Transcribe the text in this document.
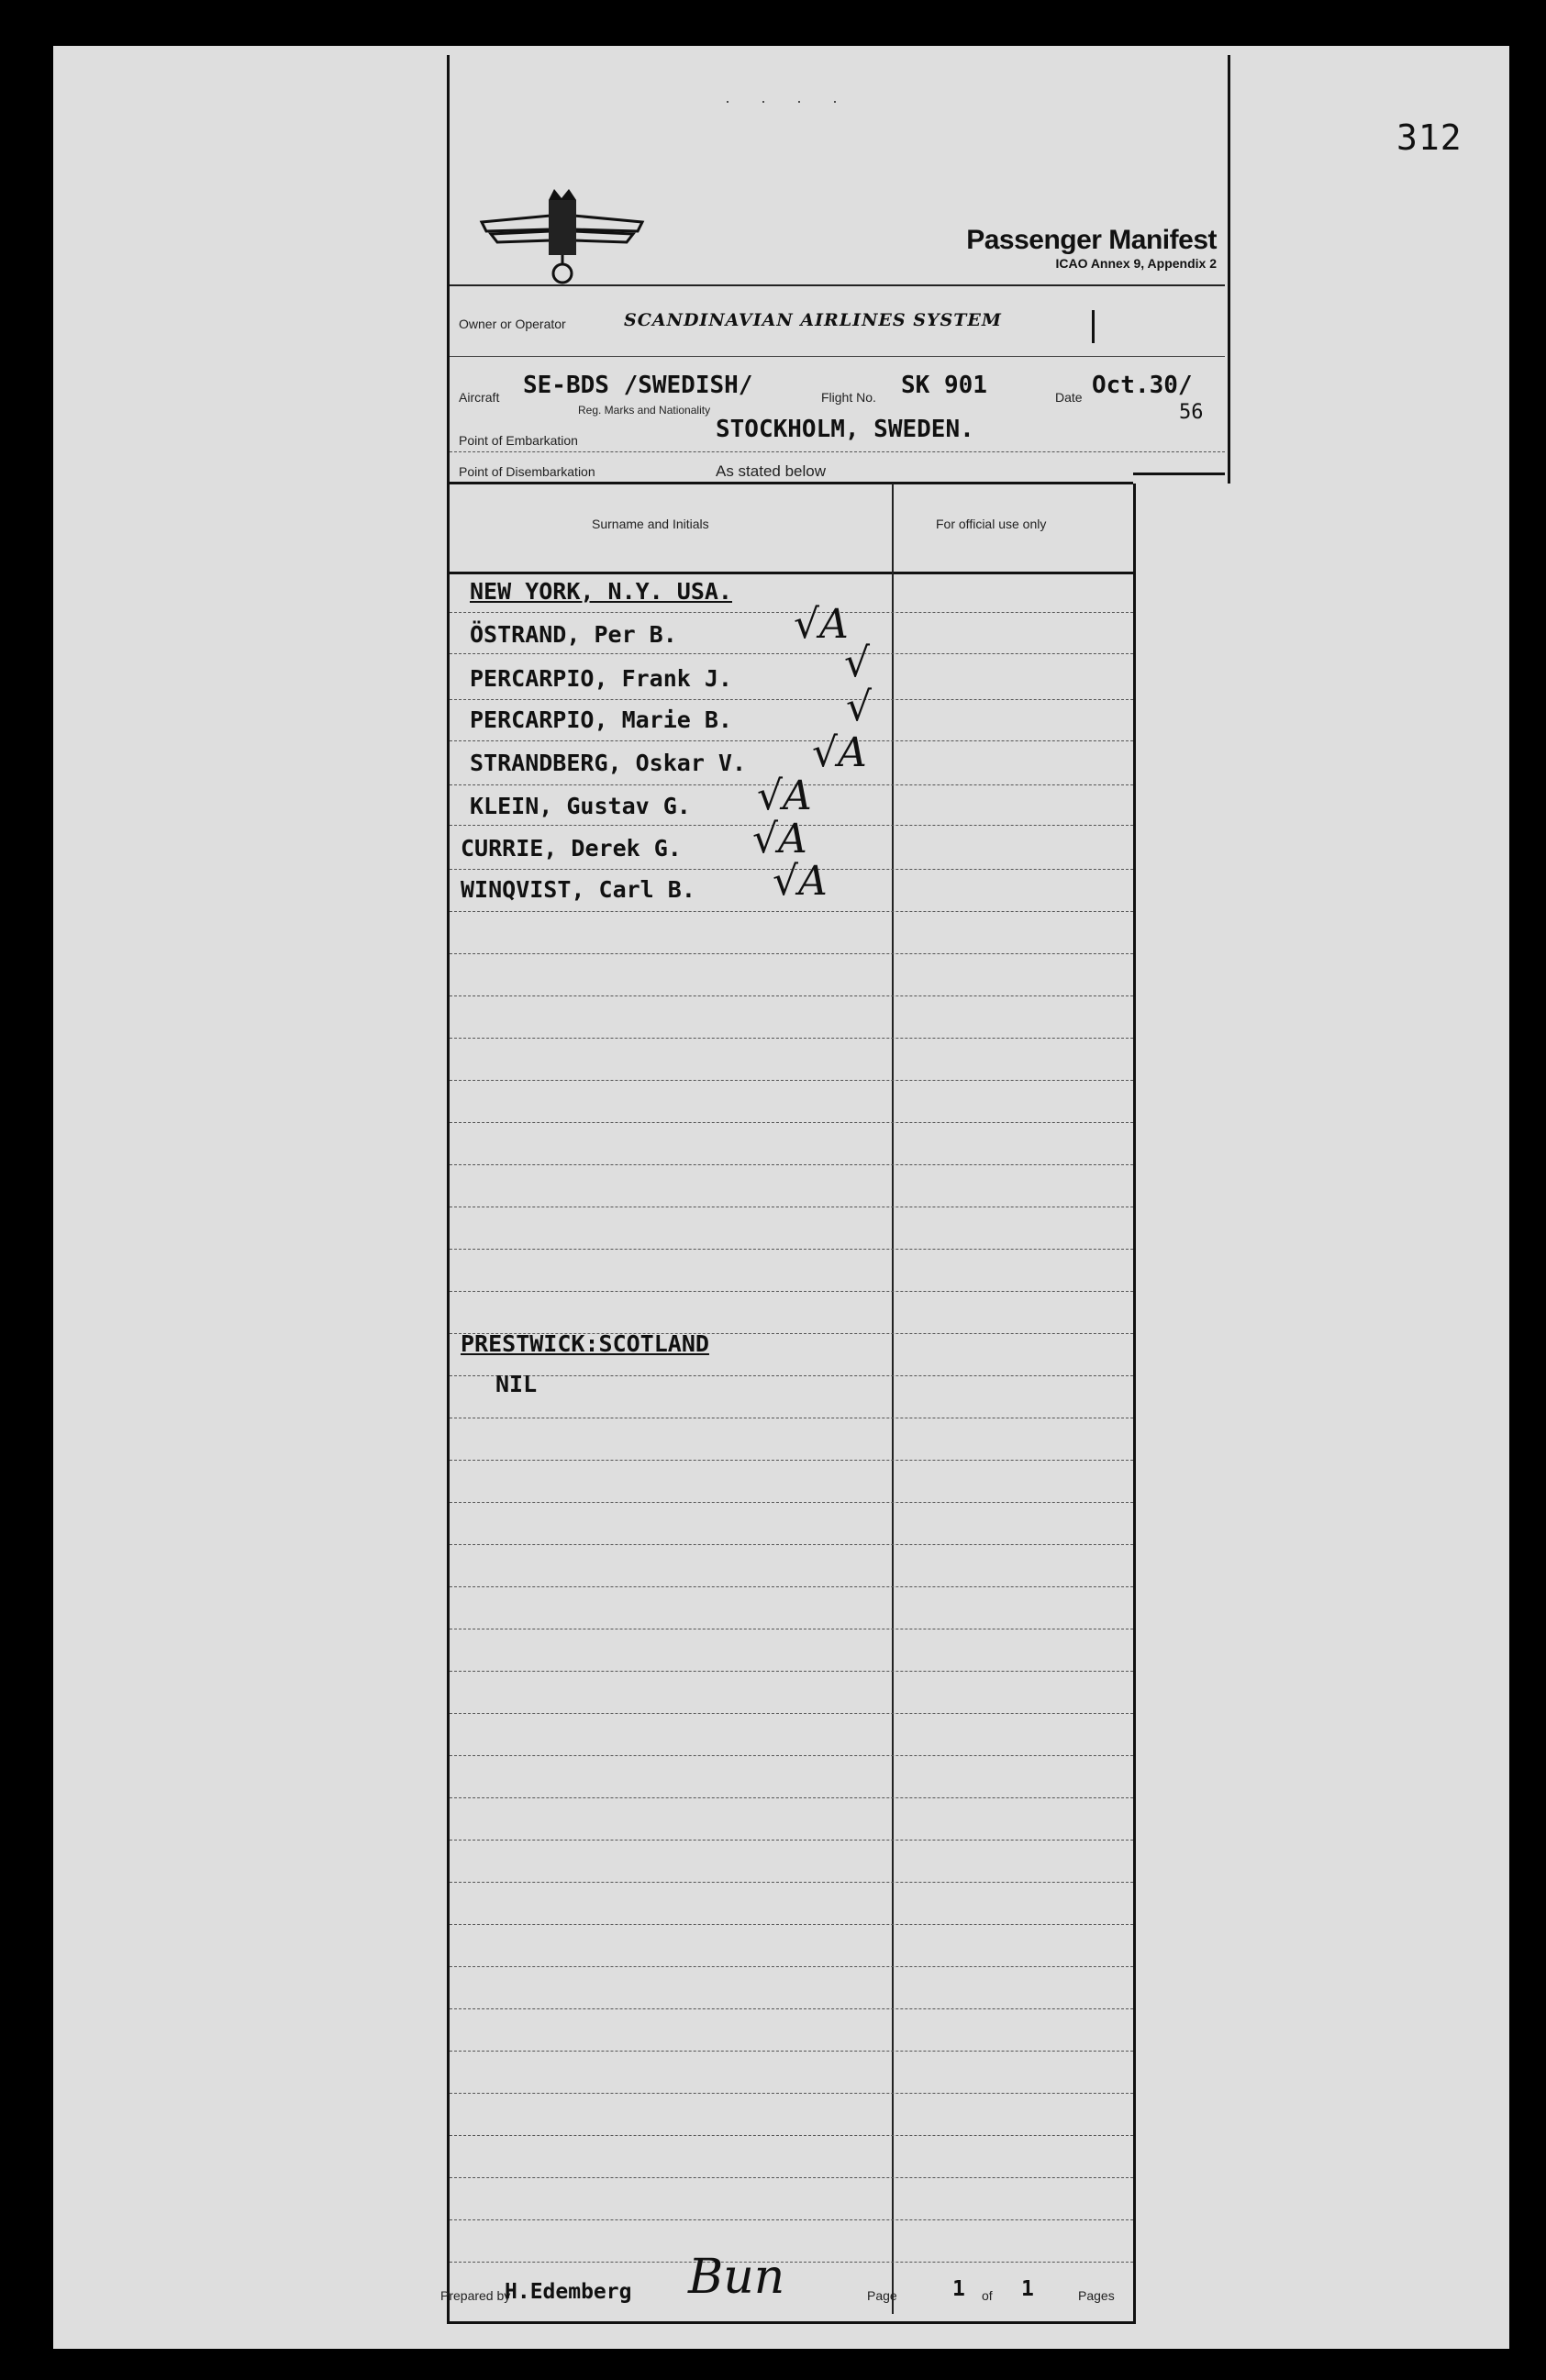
312
· · · ·
Passenger Manifest
ICAO Annex 9, Appendix 2
Owner or Operator	SCANDINAVIAN AIRLINES SYSTEM
Aircraft SE-BDS /SWEDISH/
Reg. Marks and Nationality
Flight No. SK 901	Date Oct.30/
56
Point of Embarkation	STOCKHOLM, SWEDEN.
Point of Disembarkation	As stated below
Surname and Initials	For official use only
NEW YORK, N.Y. USA.
ÖSTRAND, Per B.	√A
PERCARPIO, Frank J.	√
PERCARPIO, Marie B.	√
STRANDBERG, Oskar V. √A
KLEIN, Gustav G. √A
CURRIE, Derek G. √A
WINQVIST, Carl B. √A
PRESTWICK:SCOTLAND
NIL
Prepared by
H.Edemberg Bun	Page	1 of 1	Pages
